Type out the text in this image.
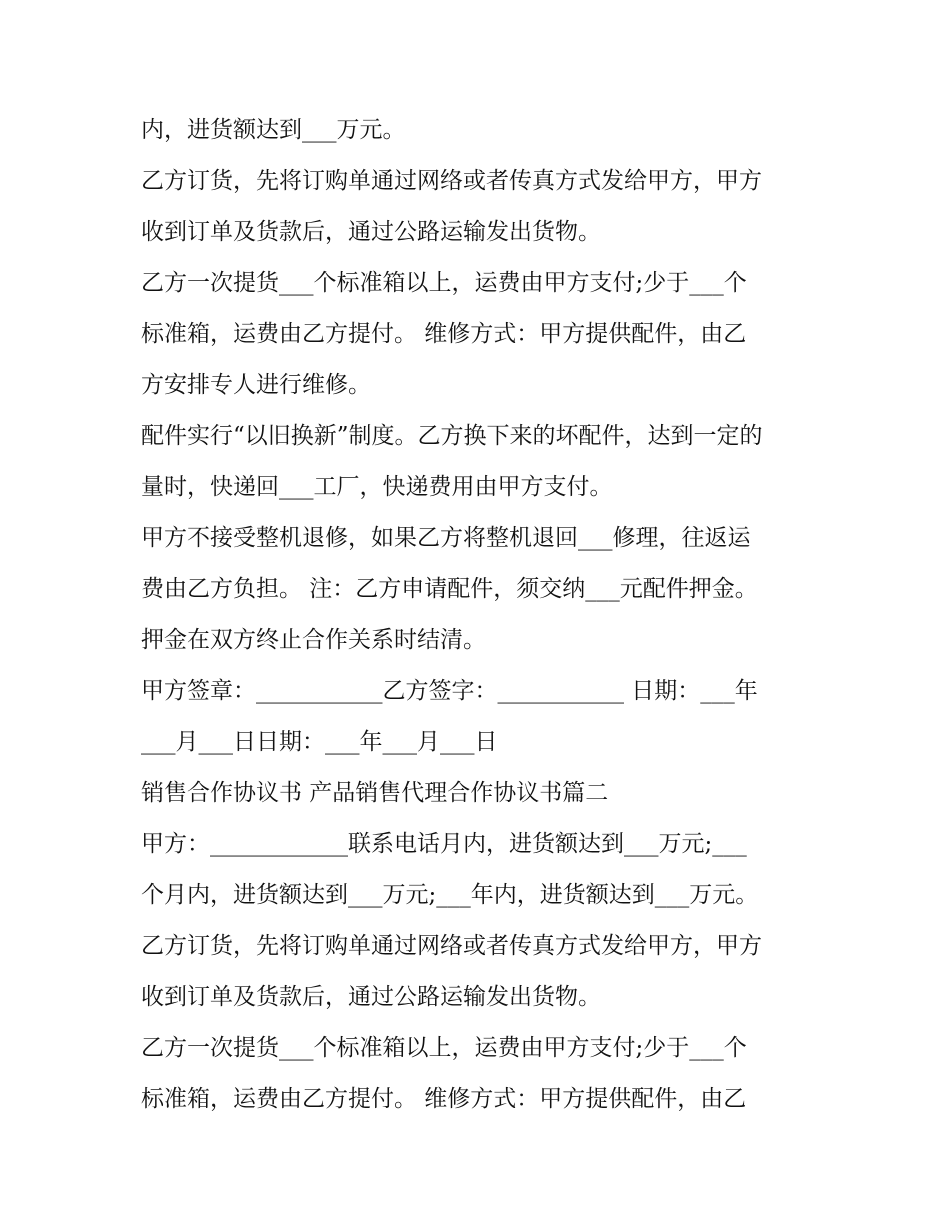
内，进货额达到___万元。
乙方订货，先将订购单通过网络或者传真方式发给甲方，甲方
收到订单及货款后，通过公路运输发出货物。
乙方一次提货___个标准箱以上，运费由甲方支付;少于___个
标准箱，运费由乙方提付。 维修方式：甲方提供配件，由乙
方安排专人进行维修。
配件实行“以旧换新”制度。乙方换下来的坏配件，达到一定的
量时，快递回___工厂，快递费用由甲方支付。
甲方不接受整机退修，如果乙方将整机退回___修理，往返运
费由乙方负担。 注：乙方申请配件，须交纳___元配件押金。
押金在双方终止合作关系时结清。
甲方签章：___________乙方签字：___________ 日期：___年
___月___日日期：___年___月___日
销售合作协议书 产品销售代理合作协议书篇二
甲方：____________联系电话月内，进货额达到___万元;___
个月内，进货额达到___万元;___年内，进货额达到___万元。
乙方订货，先将订购单通过网络或者传真方式发给甲方，甲方
收到订单及货款后，通过公路运输发出货物。
乙方一次提货___个标准箱以上，运费由甲方支付;少于___个
标准箱，运费由乙方提付。 维修方式：甲方提供配件，由乙
